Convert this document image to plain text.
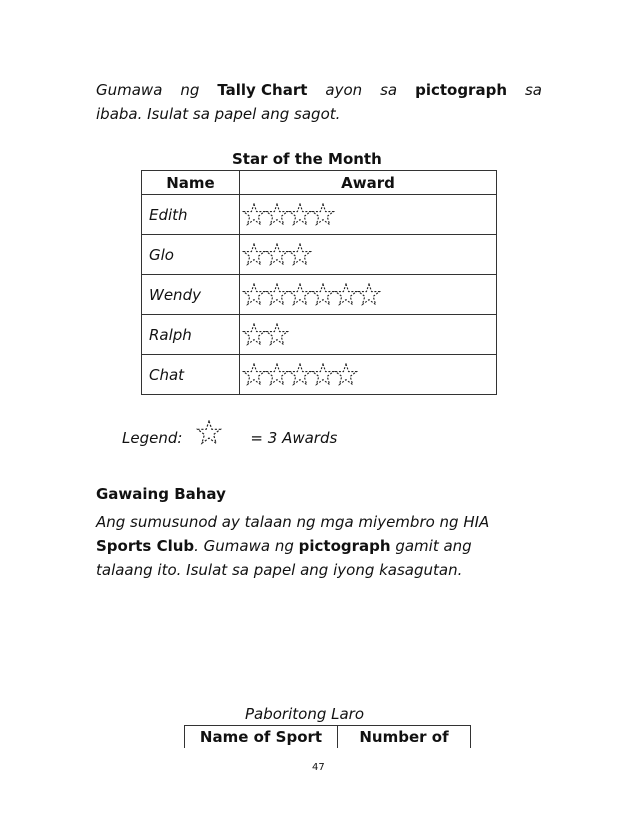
Gumawa ng Tally Chart ayon sa pictograph sa
ibaba. Isulat sa papel ang sagot.
Star of the Month
Name	Award
Edith	
Glo	
Wendy	
Ralph	
Chat	
Legend:	= 3 Awards
Gawaing Bahay
Ang sumusunod ay talaan ng mga miyembro ng HIA
Sports Club. Gumawa ng pictograph gamit ang
talaang ito. Isulat sa papel ang iyong kasagutan.
Paboritong Laro
Name of Sport	Number of
47
